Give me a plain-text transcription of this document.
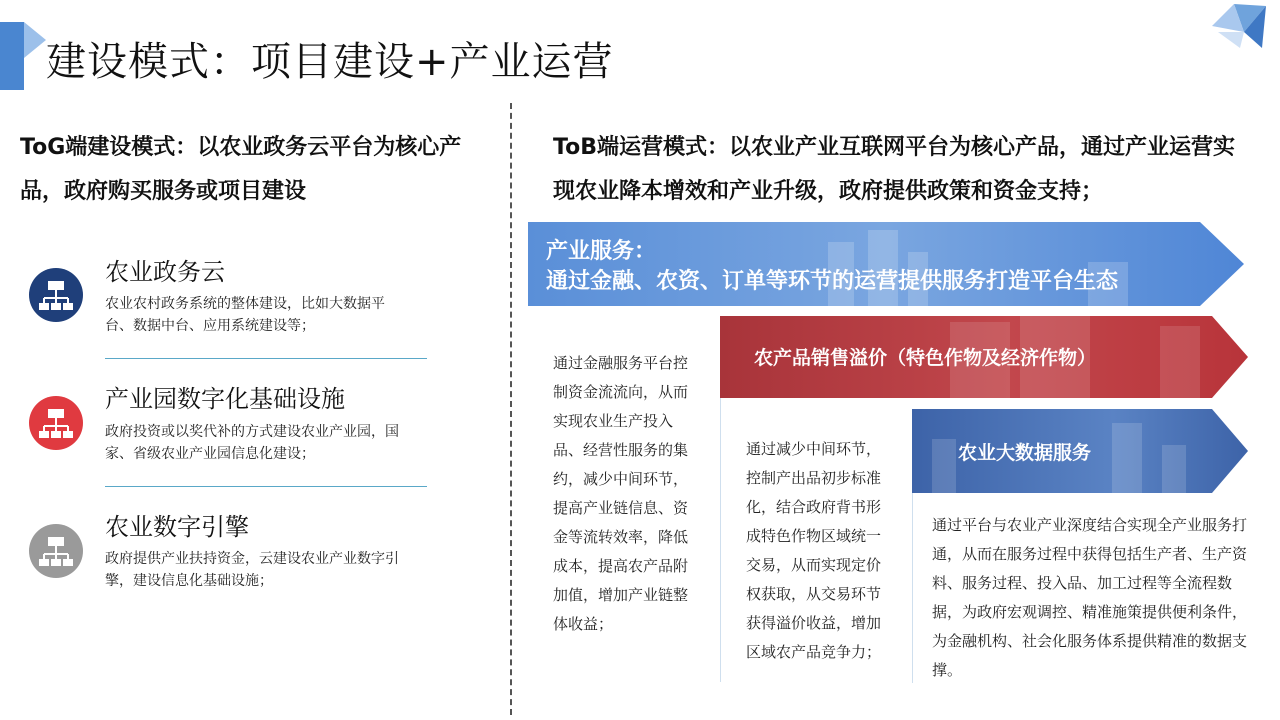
建设模式：项目建设+产业运营
ToG端建设模式：以农业政务云平台为核心产品，政府购买服务或项目建设
农业政务云
农业农村政务系统的整体建设，比如大数据平台、数据中台、应用系统建设等；
产业园数字化基础设施
政府投资或以奖代补的方式建设农业产业园，国家、省级农业产业园信息化建设；
农业数字引擎
政府提供产业扶持资金，云建设农业产业数字引擎，建设信息化基础设施；
ToB端运营模式：以农业产业互联网平台为核心产品，通过产业运营实现农业降本增效和产业升级，政府提供政策和资金支持；
产业服务：
通过金融、农资、订单等环节的运营提供服务打造平台生态
农产品销售溢价（特色作物及经济作物）
农业大数据服务
通过金融服务平台控制资金流流向，从而实现农业生产投入品、经营性服务的集约，减少中间环节，提高产业链信息、资金等流转效率，降低成本，提高农产品附加值，增加产业链整体收益；
通过减少中间环节，控制产出品初步标准化，结合政府背书形成特色作物区域统一交易，从而实现定价权获取，从交易环节获得溢价收益，增加区域农产品竞争力；
通过平台与农业产业深度结合实现全产业服务打通，从而在服务过程中获得包括生产者、生产资料、服务过程、投入品、加工过程等全流程数据，为政府宏观调控、精准施策提供便利条件，为金融机构、社会化服务体系提供精准的数据支撑。
